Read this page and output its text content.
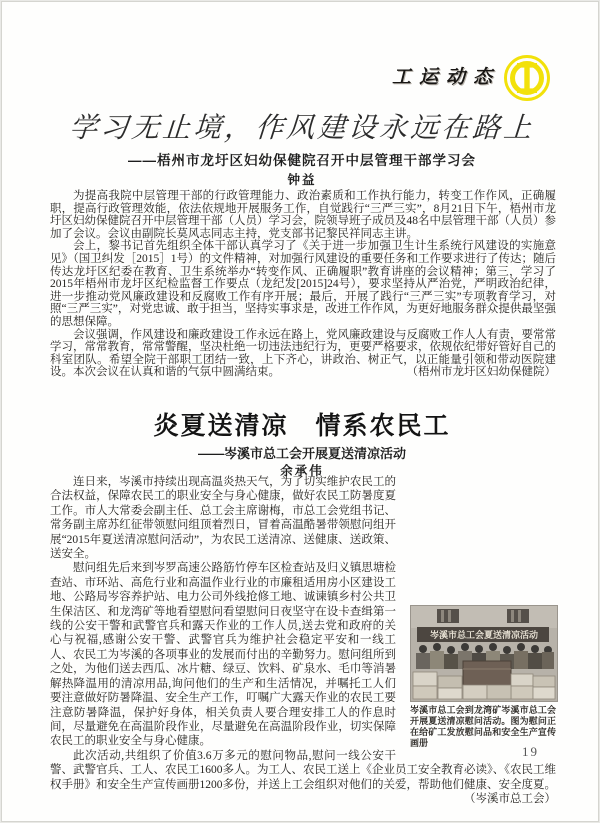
工运动态
学习无止境，作风建设永远在路上
——梧州市龙圩区妇幼保健院召开中层管理干部学习会
钟益

为提高我院中层管理干部的行政管理能力、政治素质和工作执行能力，转变工作作风，正确履职，提高行政管理效能，依法依规地开展服务工作，自觉践行“三严三实”，8月21日下午，梧州市龙圩区妇幼保健院召开中层管理干部（人员）学习会，院领导班子成员及48名中层管理干部（人员）参加了会议。会议由副院长莫风志同志主持，党支部书记黎民祥同志主讲。

会上，黎书记首先组织全体干部认真学习了《关于进一步加强卫生计生系统行风建设的实施意见》（国卫纠发［2015］1号）的文件精神，对加强行风建设的重要任务和工作要求进行了传达；随后传达龙圩区纪委在教育、卫生系统举办“转变作风、正确履职”教育讲座的会议精神；第三，学习了2015年梧州市龙圩区纪检监督工作要点（龙纪发[2015]24号），要求坚持从严治党，严明政治纪律，进一步推动党风廉政建设和反腐败工作有序开展；最后，开展了践行“三严三实”专项教育学习，对照“三严三实”，对党忠诚、敢于担当，坚持实事求是，改进工作作风，为更好地服务群众提供最坚强的思想保障。

会议强调，作风建设和廉政建设工作永远在路上，党风廉政建设与反腐败工作人人有责，要常常学习，常常教育，常常警醒，坚决杜绝一切违法违纪行为，更要严格要求，依规依纪带好管好自己的科室团队。希望全院干部职工团结一致，上下齐心，讲政治、树正气，以正能量引领和带动医院建设。本次会议在认真和谐的气氛中圆满结束。	（梧州市龙圩区妇幼保健院）

炎夏送清凉　情系农民工
——岑溪市总工会开展夏送清凉活动
余承伟
岑溪市总工会夏送清凉活动
岑溪市总工会到龙湾矿岑溪市总工会开展夏送清凉慰问活动。图为慰问正在给矿工发放慰问品和安全生产宣传画册

连日来，岑溪市持续出现高温炎热天气，为了切实维护农民工的合法权益，保障农民工的职业安全与身心健康，做好农民工防暑度夏工作。市人大常委会副主任、总工会主席谢梅，市总工会党组书记、常务副主席苏红征带领慰问组顶着烈日，冒着高温酷暑带领慰问组开展“2015年夏送清凉慰问活动”，为农民工送清凉、送健康、送政策、送安全。

慰问组先后来到岑罗高速公路筋竹停车区检查站及归义镇思塘检查站、市环站、高危行业和高温作业行业的市廉租适用房小区建设工地、公路局岑容养护站、电力公司外线抢修工地、诚谏镇乡村公共卫生保洁区、和龙湾矿等地看望慰问看望慰问日夜坚守在设卡查缉第一线的公安干警和武警官兵和露天作业的工作人员,送去党和政府的关心与祝福,感谢公安干警、武警官兵为维护社会稳定平安和一线工人、农民工为岑溪的各项事业的发展而付出的辛勤努力。慰问组所到之处，为他们送去西瓜、冰片糖、绿豆、饮料、矿泉水、毛巾等消暑解热降温用的清凉用品,询问他们的生产和生活情况，并嘱托工人们要注意做好防暑降温、安全生产工作，叮嘱广大露天作业的农民工要注意防暑降温，保护好身体，相关负责人要合理安排工人的作息时间，尽量避免在高温阶段作业，尽量避免在高温阶段作业，切实保障农民工的职业安全与身心健康。

此次活动,共组织了价值3.6万多元的慰问物品,慰问一线公安干警、武警官兵、工人、农民工1600多人。为工人、农民工送上《企业员工安全教育必读》、《农民工维权手册》和安全生产宣传画册1200多份，并送上工会组织对他们的关爱，帮助他们健康、安全度夏。
（岑溪市总工会）

19
